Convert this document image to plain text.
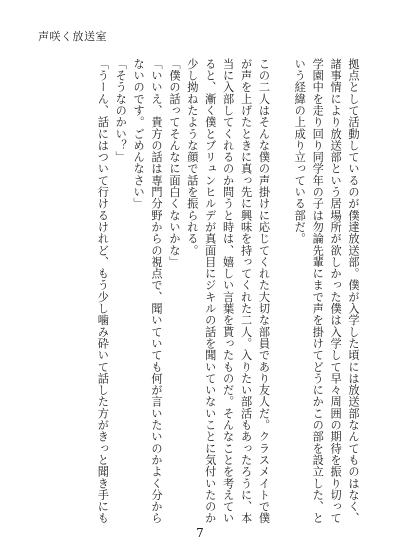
声咲く放送室
拠点として活動しているのが僕達放送部。僕が入学した頃には放送部なんてものはなく、
諸事情により放送部という居場所が欲しかった僕は入学して早々周囲の期待を振り切って
学園中を走り回り同学年の子は勿論先輩にまで声を掛けてどうにかこの部を設立した、と
いう経緯の上成り立っている部だ。
この二人はそんな僕の声掛けに応じてくれた大切な部員であり友人だ。クラスメイトで僕
が声を上げたときに真っ先に興味を持ってくれた二人。入りたい部活もあったろうに、本
当に入部してくれるのか問うと時は、嬉しい言葉を貰ったものだ。そんなことを考えてい
ると、漸く僕とブリュンヒルデが真面目にジキルの話を聞いていないことに気付いたのか
少し拗ねたような顔で話を振られる。
「僕の話ってそんなに面白くないかな」
「いいえ、貴方の話は専門分野からの視点で、聞いていても何が言いたいのかよく分から
ないのです。ごめんなさい」
「そうなのかい？」
「うーん、話にはついて行けるけれど、もう少し噛み砕いて話した方がきっと聞き手にも
7
